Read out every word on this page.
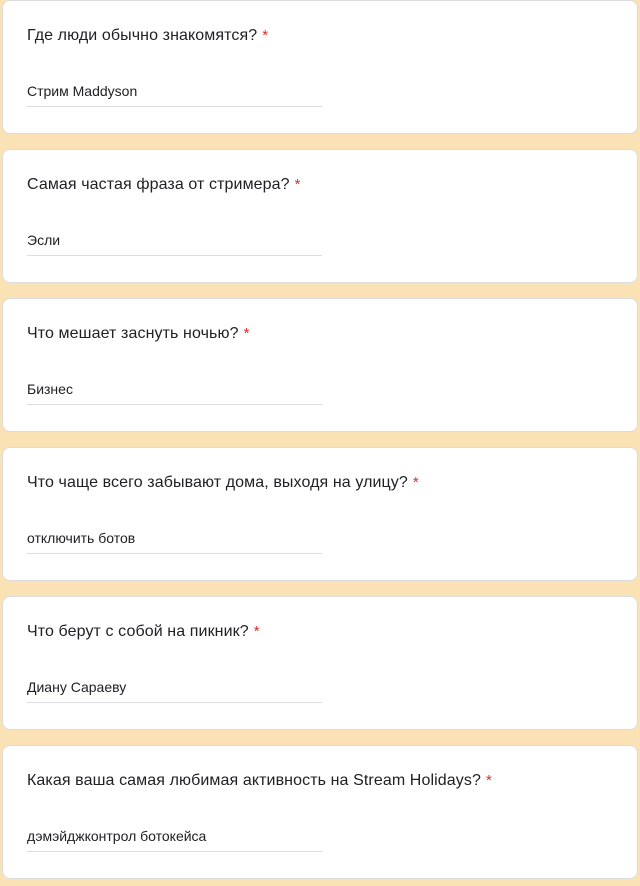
Где люди обычно знакомятся? *
Стрим Maddyson
Самая частая фраза от стримера? *
Эсли
Что мешает заснуть ночью? *
Бизнес
Что чаще всего забывают дома, выходя на улицу? *
отключить ботов
Что берут с собой на пикник? *
Диану Сараеву
Какая ваша самая любимая активность на Stream Holidays? *
дэмэйджконтрол ботокейса
